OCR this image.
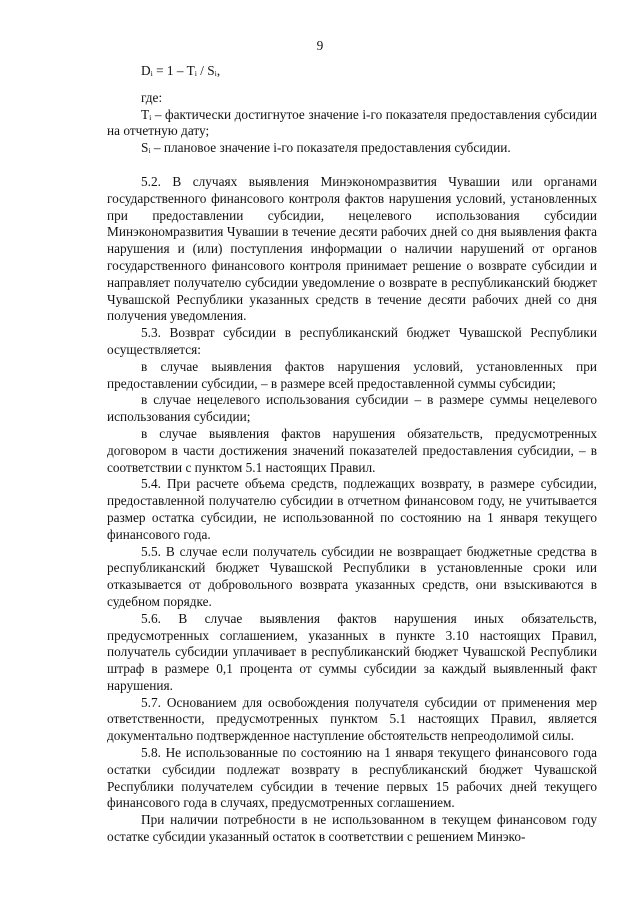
9

Dᵢ = 1 – Tᵢ / Sᵢ,

где:

Тᵢ – фактически достигнутое значение i-го показателя предоставления субсидии на отчетную дату;

Sᵢ – плановое значение i-го показателя предоставления субсидии.

5.2. В случаях выявления Минэкономразвития Чувашии или органами государственного финансового контроля фактов нарушения условий, установленных при предоставлении субсидии, нецелевого использования субсидии Минэкономразвития Чувашии в течение десяти рабочих дней со дня выявления факта нарушения и (или) поступления информации о наличии нарушений от органов государственного финансового контроля принимает решение о возврате субсидии и направляет получателю субсидии уведомление о возврате в республиканский бюджет Чувашской Республики указанных средств в течение десяти рабочих дней со дня получения уведомления.

5.3. Возврат субсидии в республиканский бюджет Чувашской Республики осуществляется:

в случае выявления фактов нарушения условий, установленных при предоставлении субсидии, – в размере всей предоставленной суммы субсидии;

в случае нецелевого использования субсидии – в размере суммы нецелевого использования субсидии;

в случае выявления фактов нарушения обязательств, предусмотренных договором в части достижения значений показателей предоставления субсидии, – в соответствии с пунктом 5.1 настоящих Правил.

5.4. При расчете объема средств, подлежащих возврату, в размере субсидии, предоставленной получателю субсидии в отчетном финансовом году, не учитывается размер остатка субсидии, не использованной по состоянию на 1 января текущего финансового года.

5.5. В случае если получатель субсидии не возвращает бюджетные средства в республиканский бюджет Чувашской Республики в установленные сроки или отказывается от добровольного возврата указанных средств, они взыскиваются в судебном порядке.

5.6. В случае выявления фактов нарушения иных обязательств, предусмотренных соглашением, указанных в пункте 3.10 настоящих Правил, получатель субсидии уплачивает в республиканский бюджет Чувашской Республики штраф в размере 0,1 процента от суммы субсидии за каждый выявленный факт нарушения.

5.7. Основанием для освобождения получателя субсидии от применения мер ответственности, предусмотренных пунктом 5.1 настоящих Правил, является документально подтвержденное наступление обстоятельств непреодолимой силы.

5.8. Не использованные по состоянию на 1 января текущего финансового года остатки субсидии подлежат возврату в республиканский бюджет Чувашской Республики получателем субсидии в течение первых 15 рабочих дней текущего финансового года в случаях, предусмотренных соглашением.

При наличии потребности в не использованном в текущем финансовом году остатке субсидии указанный остаток в соответствии с решением Минэко-
